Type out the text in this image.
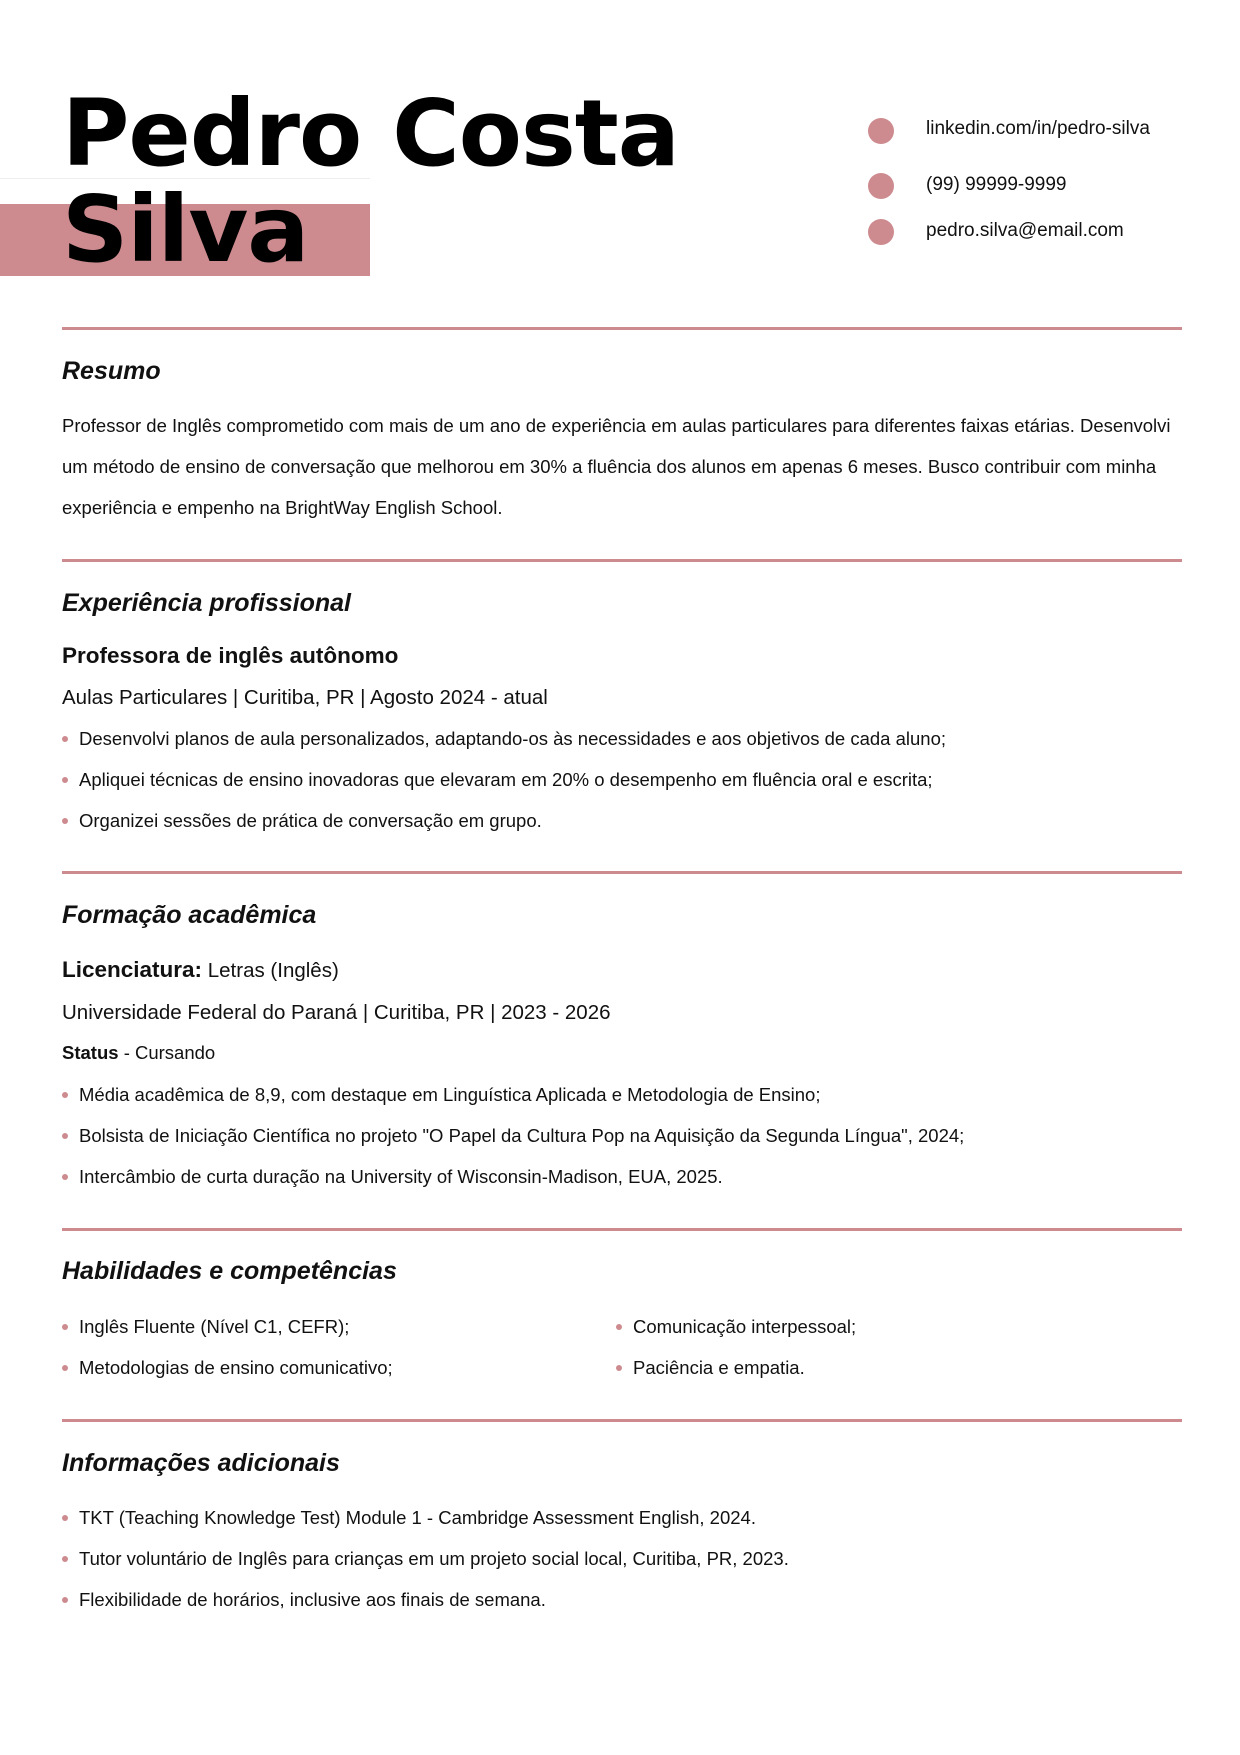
Pedro Costa
Silva
linkedin.com/in/pedro-silva
(99) 99999-9999
pedro.silva@email.com
Resumo

Professor de Inglês comprometido com mais de um ano de experiência em aulas particulares para diferentes faixas etárias. Desenvolvi um método de ensino de conversação que melhorou em 30% a fluência dos alunos em apenas 6 meses. Busco contribuir com minha experiência e empenho na BrightWay English School.

Experiência profissional
Professora de inglês autônomo

Aulas Particulares | Curitiba, PR | Agosto 2024 - atual

Desenvolvi planos de aula personalizados, adaptando-os às necessidades e aos objetivos de cada aluno;
Apliquei técnicas de ensino inovadoras que elevaram em 20% o desempenho em fluência oral e escrita;
Organizei sessões de prática de conversação em grupo.
Formação acadêmica

Licenciatura: Letras (Inglês)

Universidade Federal do Paraná | Curitiba, PR | 2023 - 2026

Status - Cursando

Média acadêmica de 8,9, com destaque em Linguística Aplicada e Metodologia de Ensino;
Bolsista de Iniciação Científica no projeto "O Papel da Cultura Pop na Aquisição da Segunda Língua", 2024;
Intercâmbio de curta duração na University of Wisconsin-Madison, EUA, 2025.
Habilidades e competências
Inglês Fluente (Nível C1, CEFR);
Metodologias de ensino comunicativo;
Comunicação interpessoal;
Paciência e empatia.
Informações adicionais
TKT (Teaching Knowledge Test) Module 1 - Cambridge Assessment English, 2024.
Tutor voluntário de Inglês para crianças em um projeto social local, Curitiba, PR, 2023.
Flexibilidade de horários, inclusive aos finais de semana.
